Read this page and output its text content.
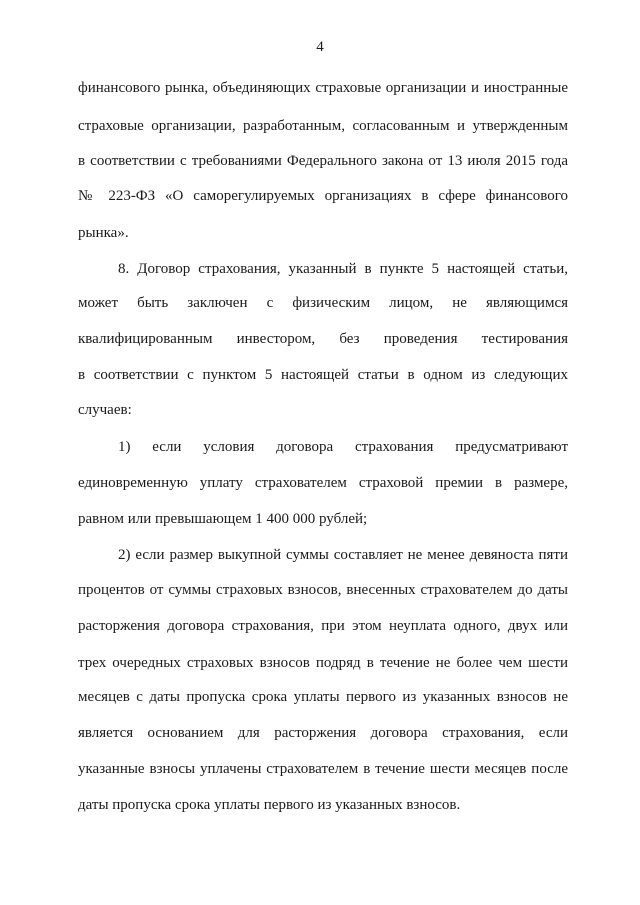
4
финансового рынка, объединяющих страховые организации и иностранные
страховые организации, разработанным, согласованным и утвержденным
в соответствии с требованиями Федерального закона от 13 июля 2015 года
№ 223-ФЗ «О саморегулируемых организациях в сфере финансового
рынка».
8. Договор страхования, указанный в пункте 5 настоящей статьи,
может быть заключен с физическим лицом, не являющимся
квалифицированным инвестором, без проведения тестирования
в соответствии с пунктом 5 настоящей статьи в одном из следующих
случаев:
1) если условия договора страхования предусматривают
единовременную уплату страхователем страховой премии в размере,
равном или превышающем 1 400 000 рублей;
2) если размер выкупной суммы составляет не менее девяноста пяти
процентов от суммы страховых взносов, внесенных страхователем до даты
расторжения договора страхования, при этом неуплата одного, двух или
трех очередных страховых взносов подряд в течение не более чем шести
месяцев с даты пропуска срока уплаты первого из указанных взносов не
является основанием для расторжения договора страхования, если
указанные взносы уплачены страхователем в течение шести месяцев после
даты пропуска срока уплаты первого из указанных взносов.
